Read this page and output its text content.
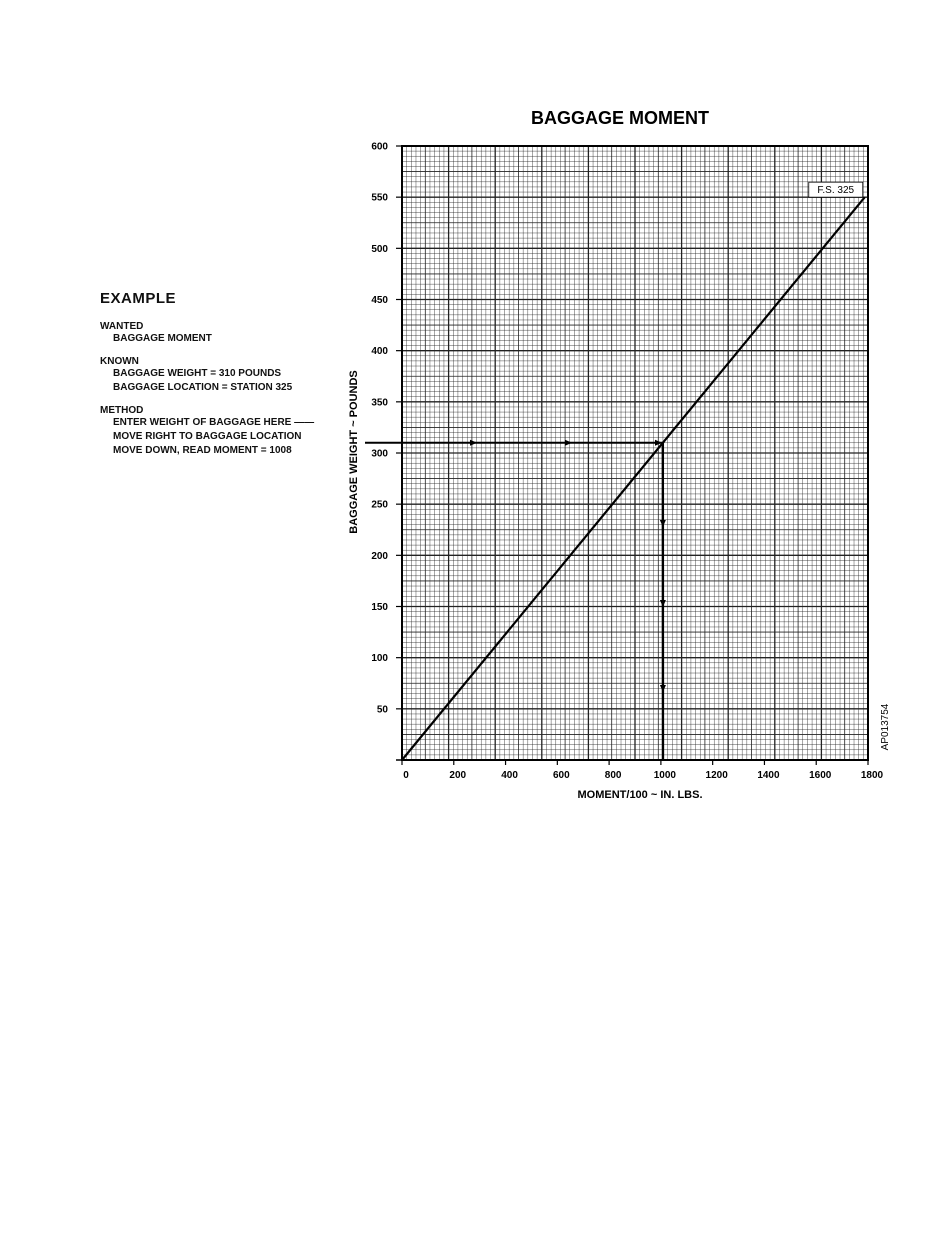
EXAMPLE
WANTED
BAGGAGE MOMENT
KNOWN
BAGGAGE WEIGHT = 310 POUNDS
BAGGAGE LOCATION = STATION 325
METHOD
ENTER WEIGHT OF BAGGAGE HERE ——
MOVE RIGHT TO BAGGAGE LOCATION
MOVE DOWN, READ MOMENT = 1008
BAGGAGE MOMENT
50
100
150
200
250
300
350
400
450
500
550
600
0	200	400	600	800	1000	1200	1400	1600	1800
F.S. 325
MOMENT/100 ~ IN. LBS.
BAGGAGE WEIGHT ~ POUNDS
AP013754
